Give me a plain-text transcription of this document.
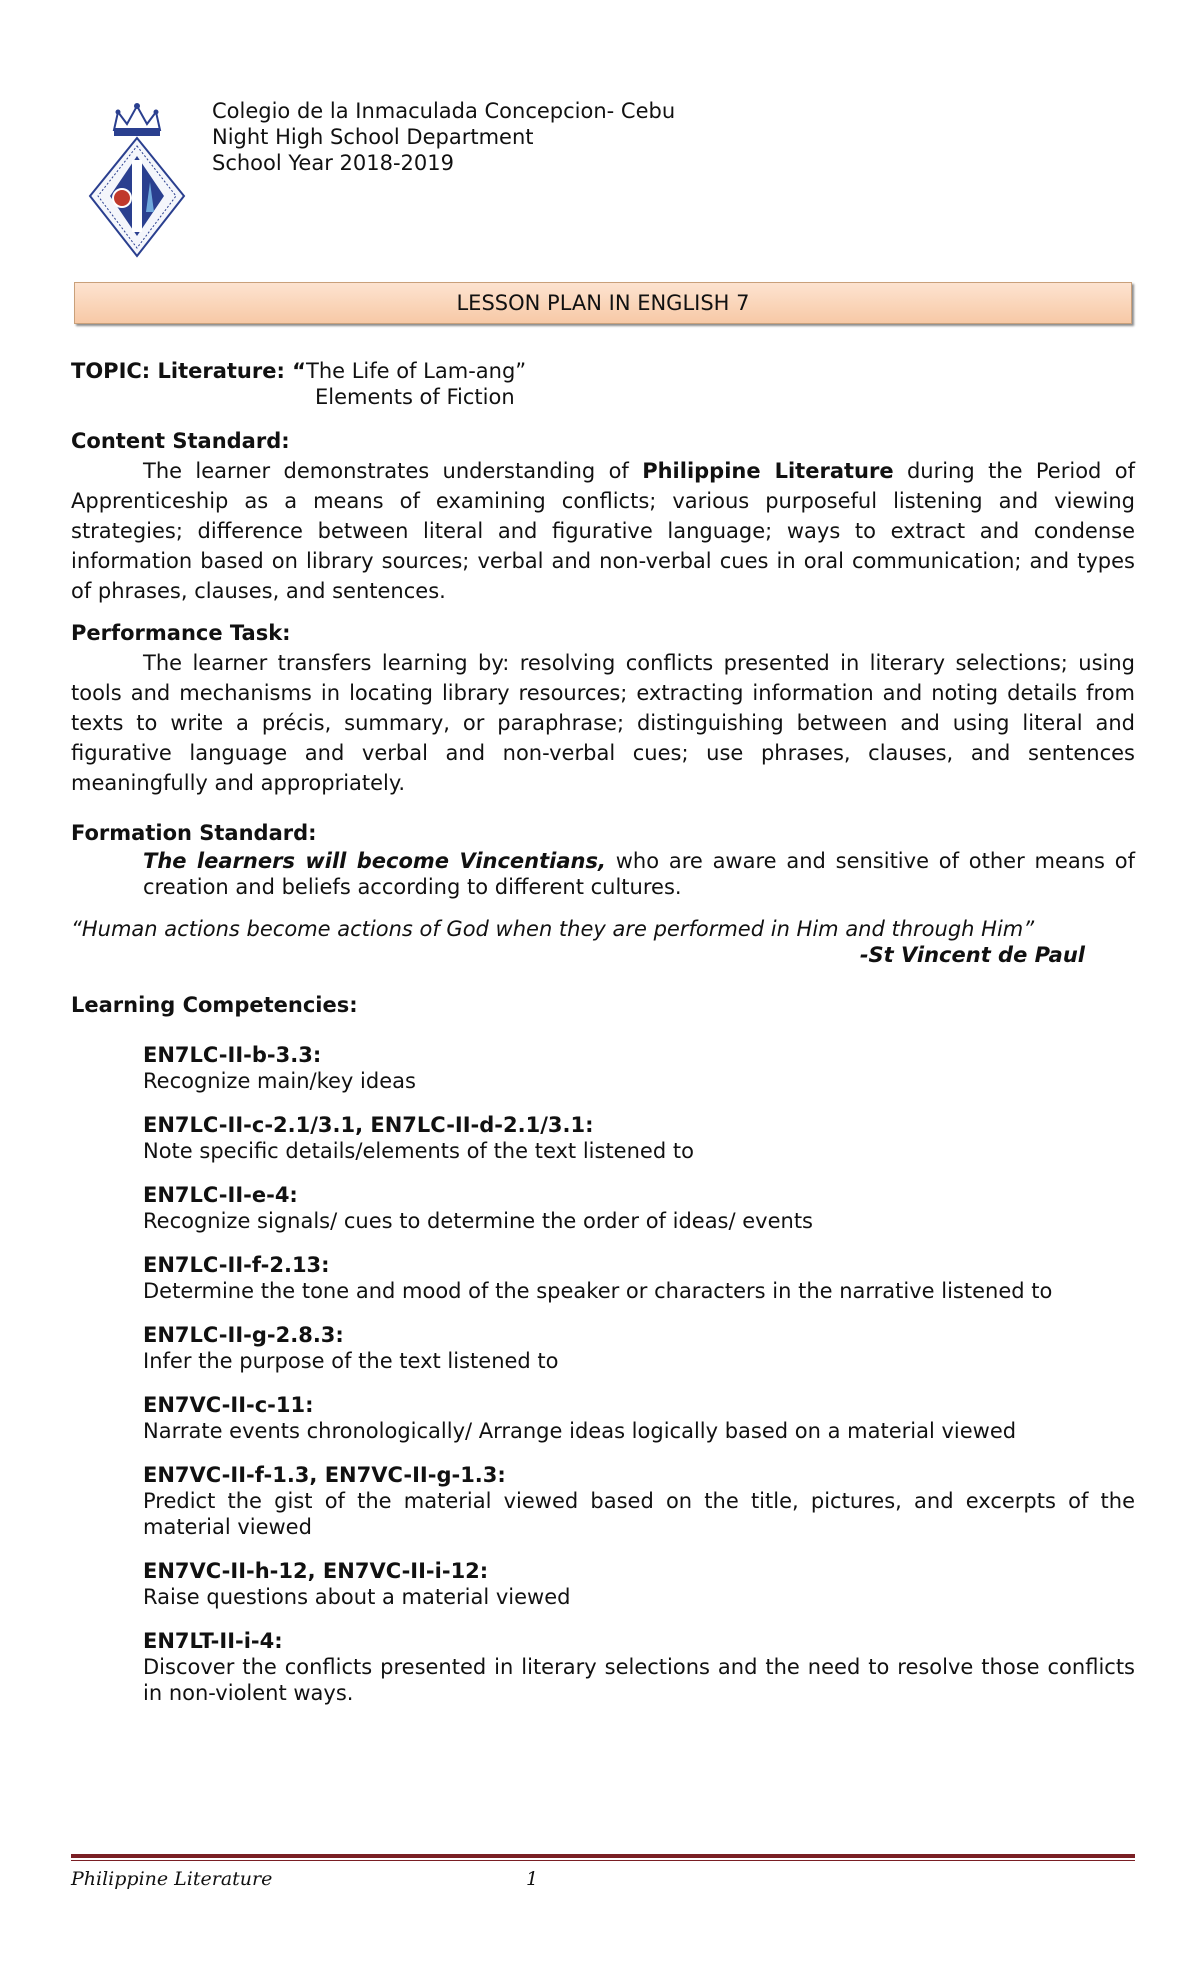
Colegio de la Inmaculada Concepcion- Cebu
Night High School Department
School Year 2018-2019
LESSON PLAN IN ENGLISH 7
TOPIC: Literature: “The Life of Lam-ang”
Elements of Fiction
Content Standard:
The learner demonstrates understanding of Philippine Literature during the Period of Apprenticeship as a means of examining conflicts; various purposeful listening and viewing strategies; difference between literal and figurative language; ways to extract and condense information based on library sources; verbal and non-verbal cues in oral communication; and types of phrases, clauses, and sentences.
Performance Task:
The learner transfers learning by: resolving conflicts presented in literary selections; using tools and mechanisms in locating library resources; extracting information and noting details from texts to write a précis, summary, or paraphrase; distinguishing between and using literal and figurative language and verbal and non-verbal cues; use phrases, clauses, and sentences meaningfully and appropriately.
Formation Standard:
The learners will become Vincentians, who are aware and sensitive of other means of creation and beliefs according to different cultures.
“Human actions become actions of God when they are performed in Him and through Him”
-St Vincent de Paul
Learning Competencies:
EN7LC-II-b-3.3:
Recognize main/key ideas
EN7LC-II-c-2.1/3.1, EN7LC-II-d-2.1/3.1:
Note specific details/elements of the text listened to
EN7LC-II-e-4:
Recognize signals/ cues to determine the order of ideas/ events
EN7LC-II-f-2.13:
Determine the tone and mood of the speaker or characters in the narrative listened to
EN7LC-II-g-2.8.3:
Infer the purpose of the text listened to
EN7VC-II-c-11:
Narrate events chronologically/ Arrange ideas logically based on a material viewed
EN7VC-II-f-1.3, EN7VC-II-g-1.3:
Predict the gist of the material viewed based on the title, pictures, and excerpts of the material viewed
EN7VC-II-h-12, EN7VC-II-i-12:
Raise questions about a material viewed
EN7LT-II-i-4:
Discover the conflicts presented in literary selections and the need to resolve those conflicts in non-violent ways.
Philippine Literature	1
